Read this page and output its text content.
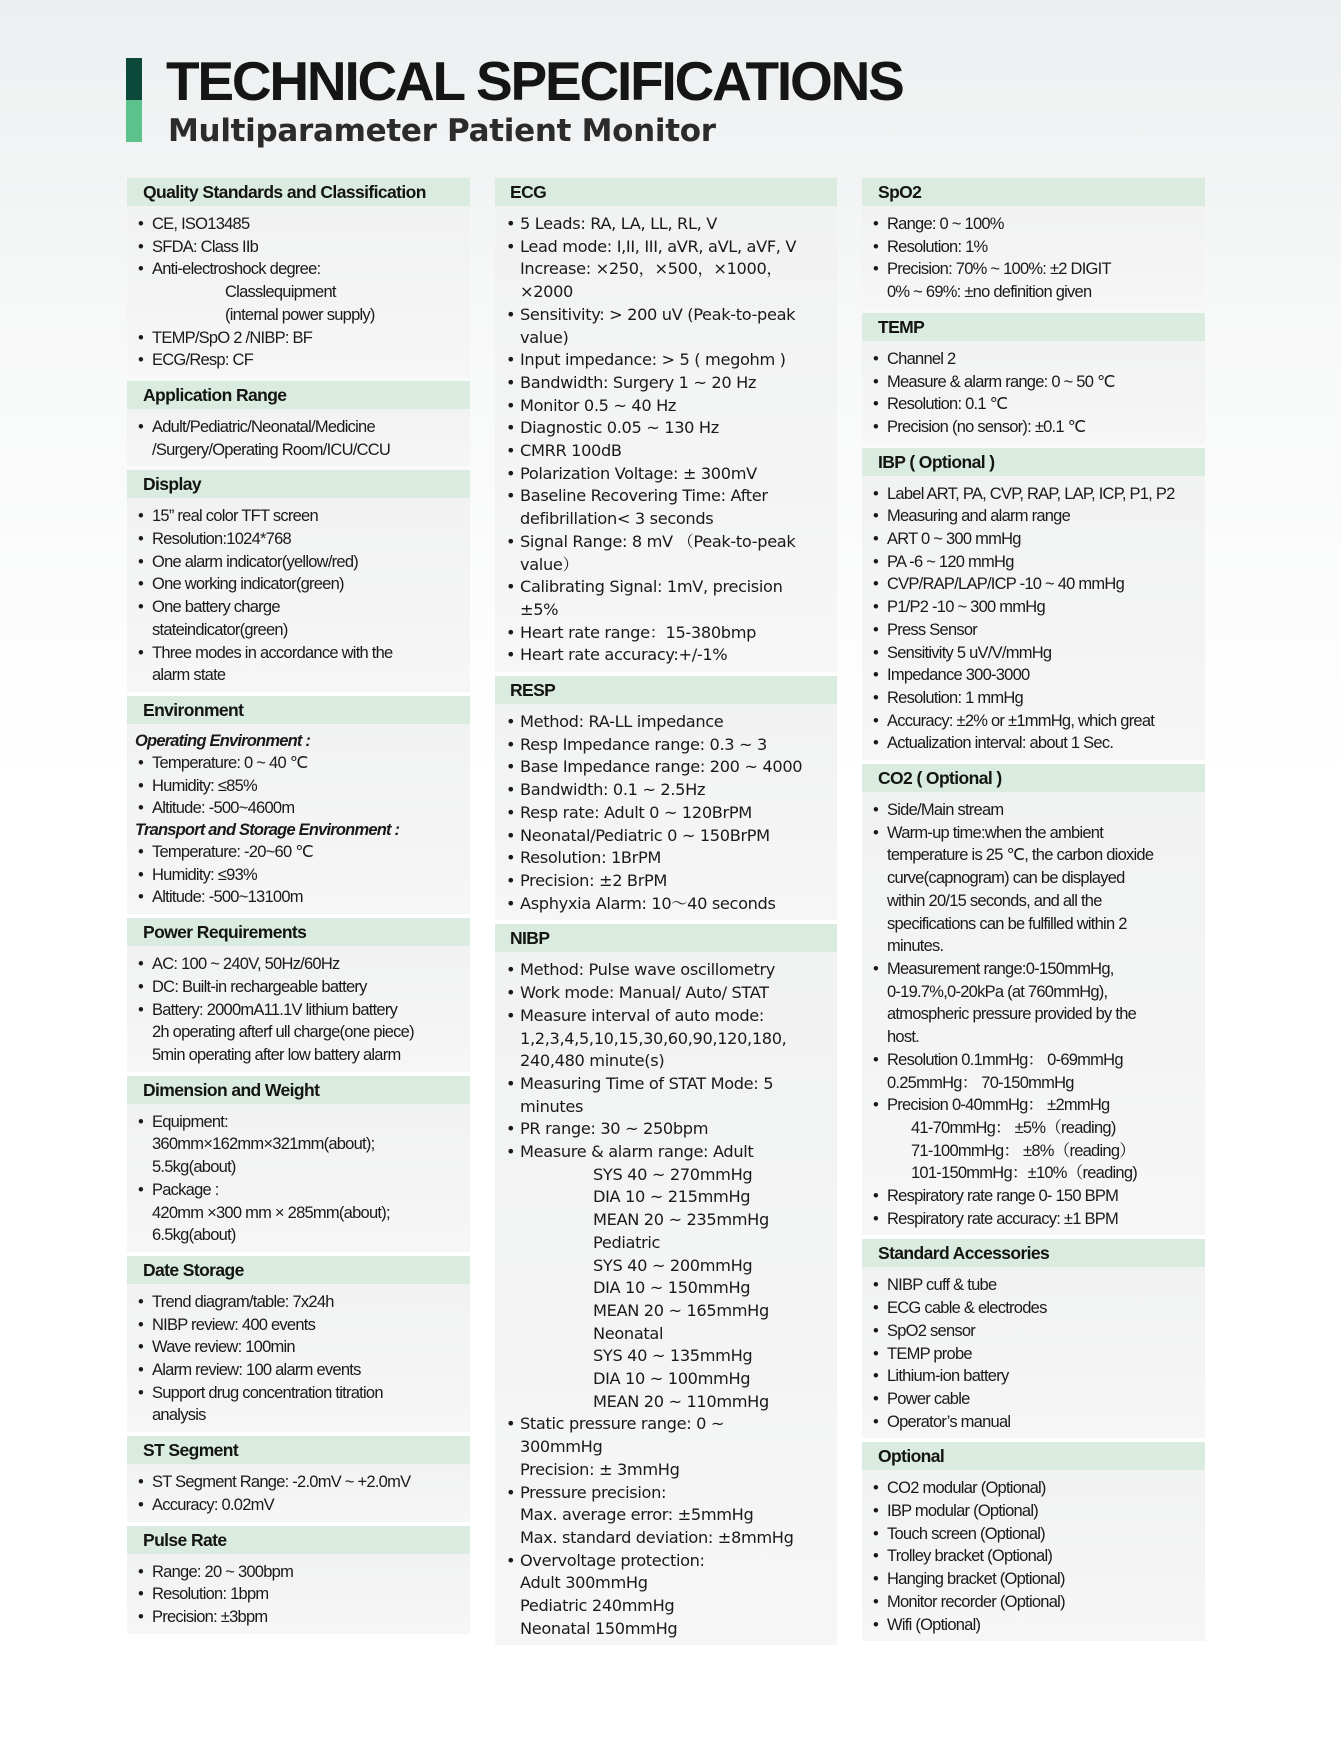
TECHNICAL SPECIFICATIONS
Multiparameter Patient Monitor
Quality Standards and Classification
• CE, ISO13485
• SFDA: Class IIb
• Anti-electroshock degree:
Classlequipment
(internal power supply)
• TEMP/SpO 2 /NIBP: BF
• ECG/Resp: CF
Application Range
• Adult/Pediatric/Neonatal/Medicine
/Surgery/Operating Room/ICU/CCU
Display
• 15” real color TFT screen
• Resolution:1024*768
• One alarm indicator(yellow/red)
• One working indicator(green)
• One battery charge
stateindicator(green)
• Three modes in accordance with the
alarm state
Environment
Operating Environment :
• Temperature: 0 ~ 40 ℃
• Humidity: ≤85%
• Altitude: -500~4600m
Transport and Storage Environment :
• Temperature: -20~60 ℃
• Humidity: ≤93%
• Altitude: -500~13100m
Power Requirements
• AC: 100 ~ 240V, 50Hz/60Hz
• DC: Built-in rechargeable battery
• Battery: 2000mA11.1V lithium battery
2h operating afterf ull charge(one piece)
5min operating after low battery alarm
Dimension and Weight
• Equipment:
360mm×162mm×321mm(about);
5.5kg(about)
• Package :
420mm ×300 mm × 285mm(about);
6.5kg(about)
Date Storage
• Trend diagram/table: 7x24h
• NIBP review: 400 events
• Wave review: 100min
• Alarm review: 100 alarm events
• Support drug concentration titration
analysis
ST Segment
• ST Segment Range: -2.0mV ~ +2.0mV
• Accuracy: 0.02mV
Pulse Rate
• Range: 20 ~ 300bpm
• Resolution: 1bpm
• Precision: ±3bpm
ECG
• 5 Leads: RA, LA, LL, RL, V
• Lead mode: I,II, III, aVR, aVL, aVF, V
Increase: ×250，×500，×1000，
×2000
• Sensitivity: > 200 uV (Peak-to-peak
value)
• Input impedance: > 5 ( megohm )
• Bandwidth: Surgery 1 ~ 20 Hz
• Monitor 0.5 ~ 40 Hz
• Diagnostic 0.05 ~ 130 Hz
• CMRR 100dB
• Polarization Voltage: ± 300mV
• Baseline Recovering Time: After
defibrillation< 3 seconds
• Signal Range: 8 mV （Peak-to-peak
value）
• Calibrating Signal: 1mV, precision
±5%
• Heart rate range：15-380bmp
• Heart rate accuracy:+/-1%
RESP
• Method: RA-LL impedance
• Resp Impedance range: 0.3 ~ 3
• Base Impedance range: 200 ~ 4000
• Bandwidth: 0.1 ~ 2.5Hz
• Resp rate: Adult 0 ~ 120BrPM
• Neonatal/Pediatric 0 ~ 150BrPM
• Resolution: 1BrPM
• Precision: ±2 BrPM
• Asphyxia Alarm: 10～40 seconds
NIBP
• Method: Pulse wave oscillometry
• Work mode: Manual/ Auto/ STAT
• Measure interval of auto mode:
1,2,3,4,5,10,15,30,60,90,120,180,
240,480 minute(s)
• Measuring Time of STAT Mode: 5
minutes
• PR range: 30 ~ 250bpm
• Measure & alarm range: Adult
SYS 40 ~ 270mmHg
DIA 10 ~ 215mmHg
MEAN 20 ~ 235mmHg
Pediatric
SYS 40 ~ 200mmHg
DIA 10 ~ 150mmHg
MEAN 20 ~ 165mmHg
Neonatal
SYS 40 ~ 135mmHg
DIA 10 ~ 100mmHg
MEAN 20 ~ 110mmHg
• Static pressure range: 0 ~
300mmHg
Precision: ± 3mmHg
• Pressure precision:
Max. average error: ±5mmHg
Max. standard deviation: ±8mmHg
• Overvoltage protection:
Adult 300mmHg
Pediatric 240mmHg
Neonatal 150mmHg
SpO2
• Range: 0 ~ 100%
• Resolution: 1%
• Precision: 70% ~ 100%: ±2 DIGIT
0% ~ 69%: ±no definition given
TEMP
• Channel 2
• Measure & alarm range: 0 ~ 50 ℃
• Resolution: 0.1 ℃
• Precision (no sensor): ±0.1 ℃
IBP ( Optional )
• Label ART, PA, CVP, RAP, LAP, ICP, P1, P2
• Measuring and alarm range
• ART 0 ~ 300 mmHg
• PA -6 ~ 120 mmHg
• CVP/RAP/LAP/ICP -10 ~ 40 mmHg
• P1/P2 -10 ~ 300 mmHg
• Press Sensor
• Sensitivity 5 uV/V/mmHg
• Impedance 300-3000
• Resolution: 1 mmHg
• Accuracy: ±2% or ±1mmHg, which great
• Actualization interval: about 1 Sec.
CO2 ( Optional )
• Side/Main stream
• Warm-up time:when the ambient
temperature is 25 ℃, the carbon dioxide
curve(capnogram) can be displayed
within 20/15 seconds, and all the
specifications can be fulfilled within 2
minutes.
• Measurement range:0-150mmHg,
0-19.7%,0-20kPa (at 760mmHg),
atmospheric pressure provided by the
host.
• Resolution 0.1mmHg： 0-69mmHg
0.25mmHg： 70-150mmHg
• Precision 0-40mmHg： ±2mmHg
41-70mmHg： ±5%（reading)
71-100mmHg： ±8%（reading）
101-150mmHg：±10%（reading)
• Respiratory rate range 0- 150 BPM
• Respiratory rate accuracy: ±1 BPM
Standard Accessories
• NIBP cuff & tube
• ECG cable & electrodes
• SpO2 sensor
• TEMP probe
• Lithium-ion battery
• Power cable
• Operator’s manual
Optional
• CO2 modular (Optional)
• IBP modular (Optional)
• Touch screen (Optional)
• Trolley bracket (Optional)
• Hanging bracket (Optional)
• Monitor recorder (Optional)
• Wifi (Optional)
